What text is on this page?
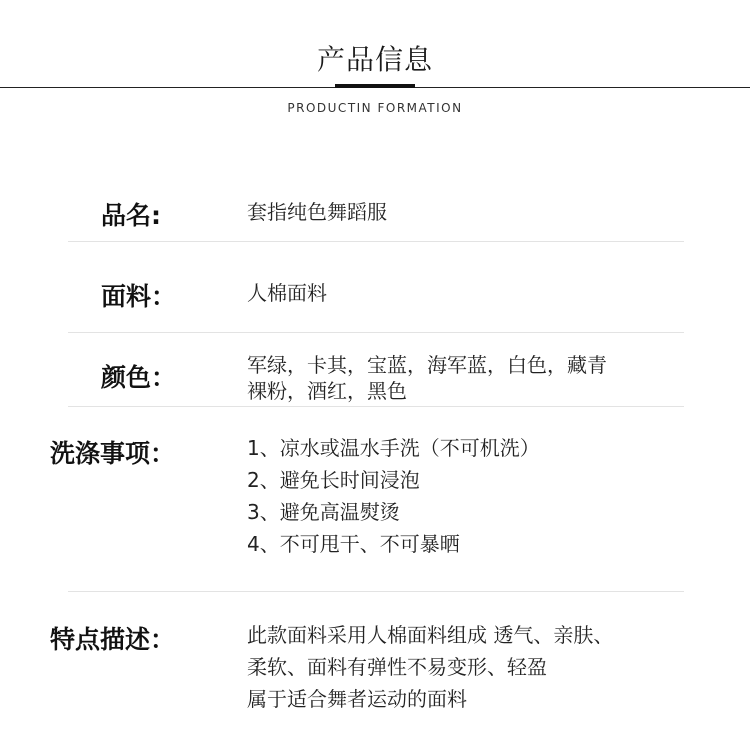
产品信息
PRODUCTIN FORMATION
品名:	套指纯色舞蹈服
面料：	人棉面料
颜色：	军绿，卡其，宝蓝，海军蓝，白色，藏青
裸粉，酒红，黑色
洗涤事项：	1、凉水或温水手洗（不可机洗）
2、避免长时间浸泡
3、避免高温熨烫
4、不可甩干、不可暴晒
特点描述：	此款面料采用人棉面料组成 透气、亲肤、
柔软、面料有弹性不易变形、轻盈
属于适合舞者运动的面料
